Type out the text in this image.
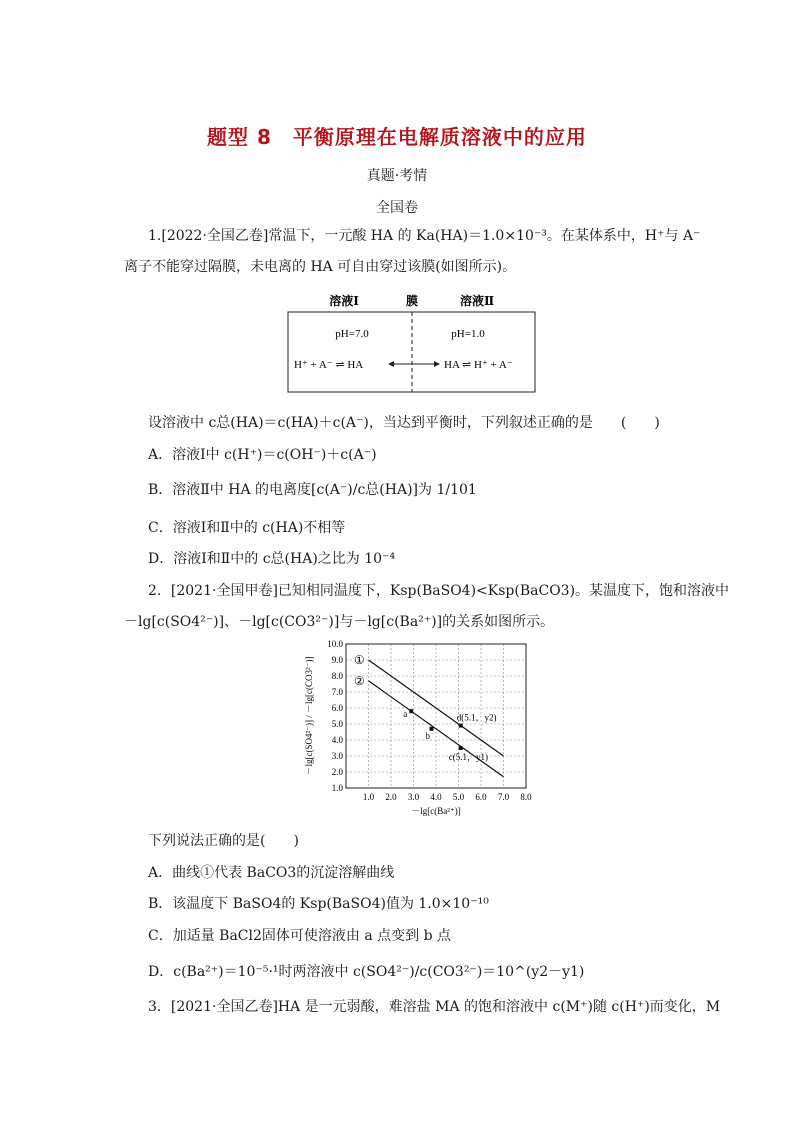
题型 8　平衡原理在电解质溶液中的应用
真题·考情
全国卷
1.[2022·全国乙卷]常温下，一元酸 HA 的 Ka(HA)＝1.0×10⁻³。在某体系中，H⁺与 A⁻
离子不能穿过隔膜，未电离的 HA 可自由穿过该膜(如图所示)。
溶液Ⅰ	膜	溶液Ⅱ
pH=7.0	pH=1.0
H⁺ + A⁻ ⇌ HA	HA ⇌ H⁺ + A⁻
设溶液中 c总(HA)＝c(HA)＋c(A⁻)，当达到平衡时，下列叙述正确的是　　(　　)
A．溶液Ⅰ中 c(H⁺)＝c(OH⁻)＋c(A⁻)
B．溶液Ⅱ中 HA 的电离度[c(A⁻)/c总(HA)]为 1/101
C．溶液Ⅰ和Ⅱ中的 c(HA)不相等
D．溶液Ⅰ和Ⅱ中的 c总(HA)之比为 10⁻⁴
2．[2021·全国甲卷]已知相同温度下，Ksp(BaSO4)<Ksp(BaCO3)。某温度下，饱和溶液中
－lg[c(SO4²⁻)]、－lg[c(CO3²⁻)]与－lg[c(Ba²⁺)]的关系如图所示。
1.0 2.0 3.0 4.0 5.0 6.0 7.0 8.0
1.0
2.0
3.0
4.0
5.0
6.0
7.0
8.0
9.0
10.0
①
②
a
b
d(5.1，y2)
c(5.1，y1)
－lg[c(Ba²⁺)]
－lg[c(SO4²⁻)] / －lg[c(CO3²⁻)]
下列说法正确的是(　　)
A．曲线①代表 BaCO3的沉淀溶解曲线
B．该温度下 BaSO4的 Ksp(BaSO4)值为 1.0×10⁻¹⁰
C．加适量 BaCl2固体可使溶液由 a 点变到 b 点
D．c(Ba²⁺)＝10⁻⁵·¹时两溶液中 c(SO4²⁻)/c(CO3²⁻)＝10^(y2－y1)
3．[2021·全国乙卷]HA 是一元弱酸，难溶盐 MA 的饱和溶液中 c(M⁺)随 c(H⁺)而变化，M
